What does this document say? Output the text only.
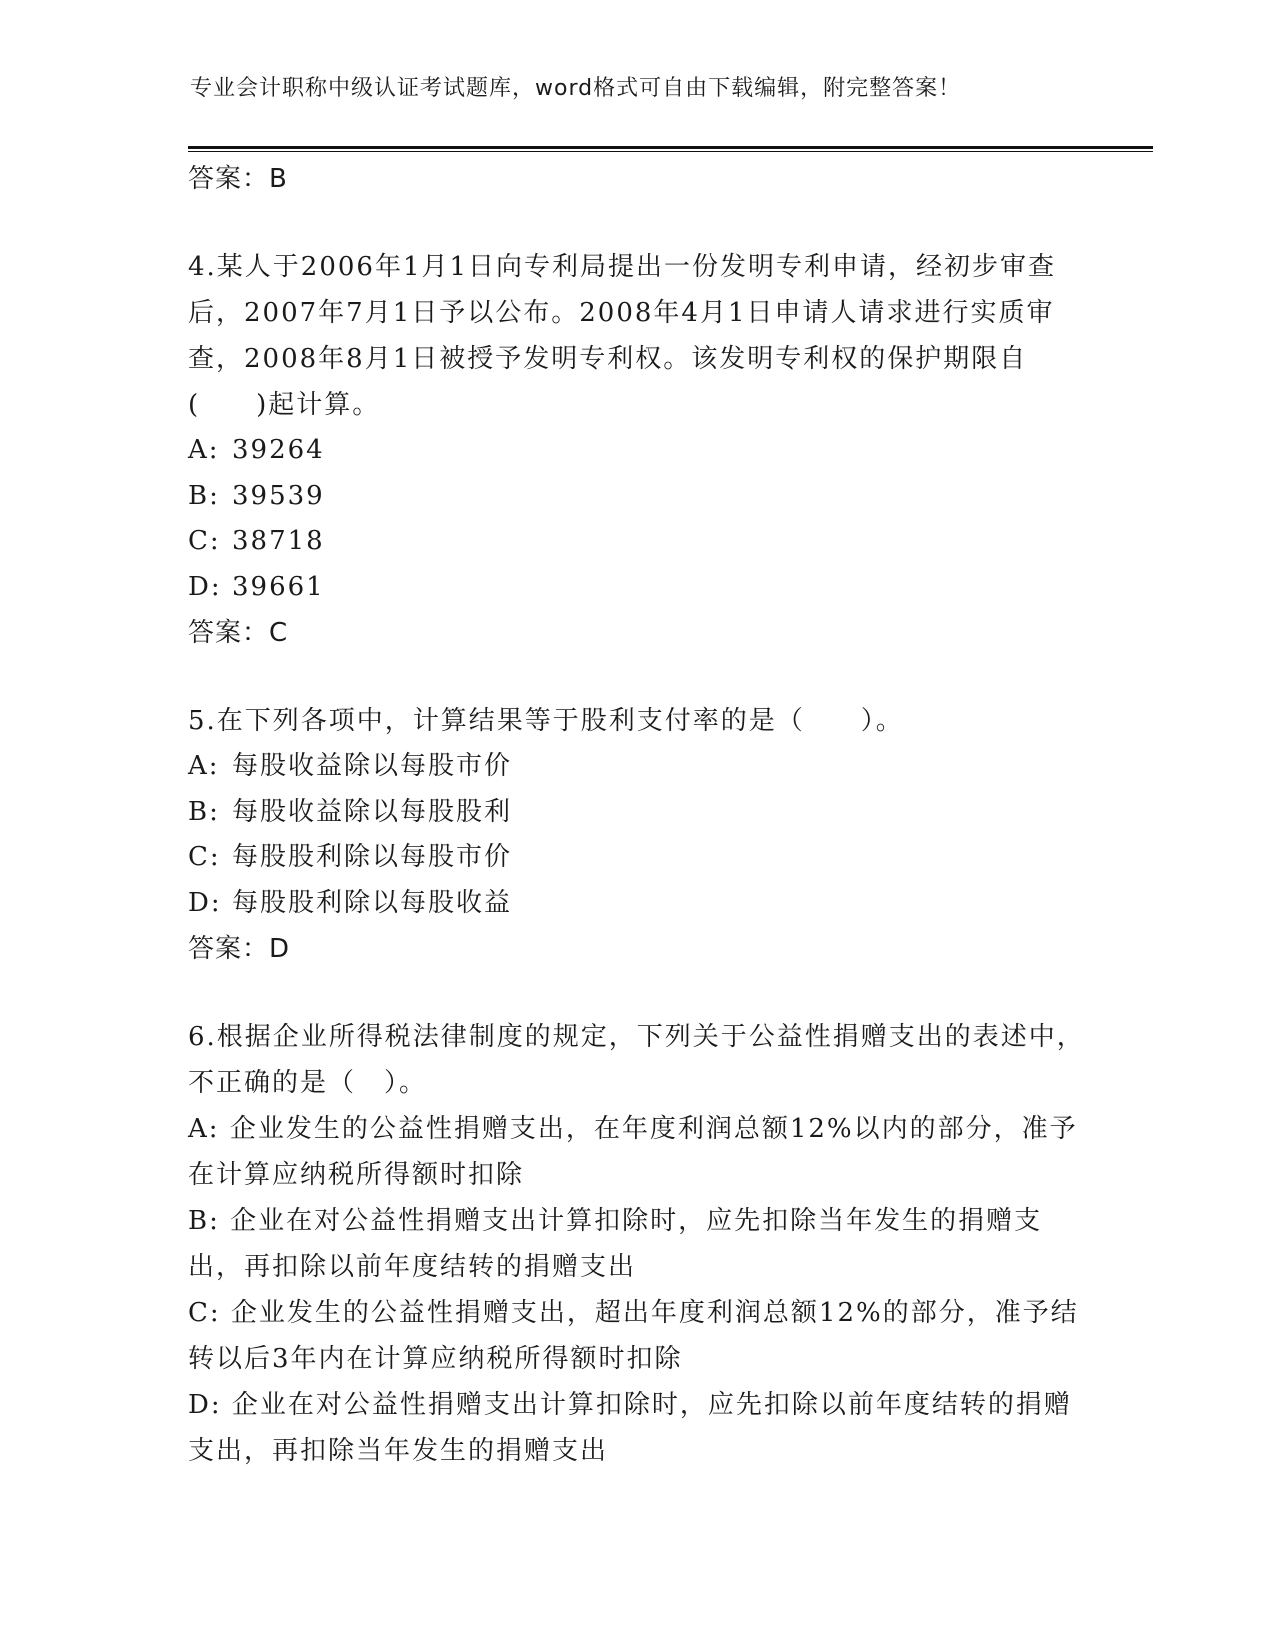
专业会计职称中级认证考试题库，word格式可自由下载编辑，附完整答案！
答案：B
4.某人于2006年1月1日向专利局提出一份发明专利申请，经初步审查后，2007年7月1日予以公布。2008年4月1日申请人请求进行实质审查，2008年8月1日被授予发明专利权。该发明专利权的保护期限自(　　)起计算。
A: 39264
B: 39539
C: 38718
D: 39661
答案：C
5.在下列各项中，计算结果等于股利支付率的是（　　）。
A: 每股收益除以每股市价
B: 每股收益除以每股股利
C: 每股股利除以每股市价
D: 每股股利除以每股收益
答案：D
6.根据企业所得税法律制度的规定，下列关于公益性捐赠支出的表述中，不正确的是（　）。
A: 企业发生的公益性捐赠支出，在年度利润总额12%以内的部分，准予在计算应纳税所得额时扣除
B: 企业在对公益性捐赠支出计算扣除时，应先扣除当年发生的捐赠支出，再扣除以前年度结转的捐赠支出
C: 企业发生的公益性捐赠支出，超出年度利润总额12%的部分，准予结转以后3年内在计算应纳税所得额时扣除
D: 企业在对公益性捐赠支出计算扣除时，应先扣除以前年度结转的捐赠支出，再扣除当年发生的捐赠支出
